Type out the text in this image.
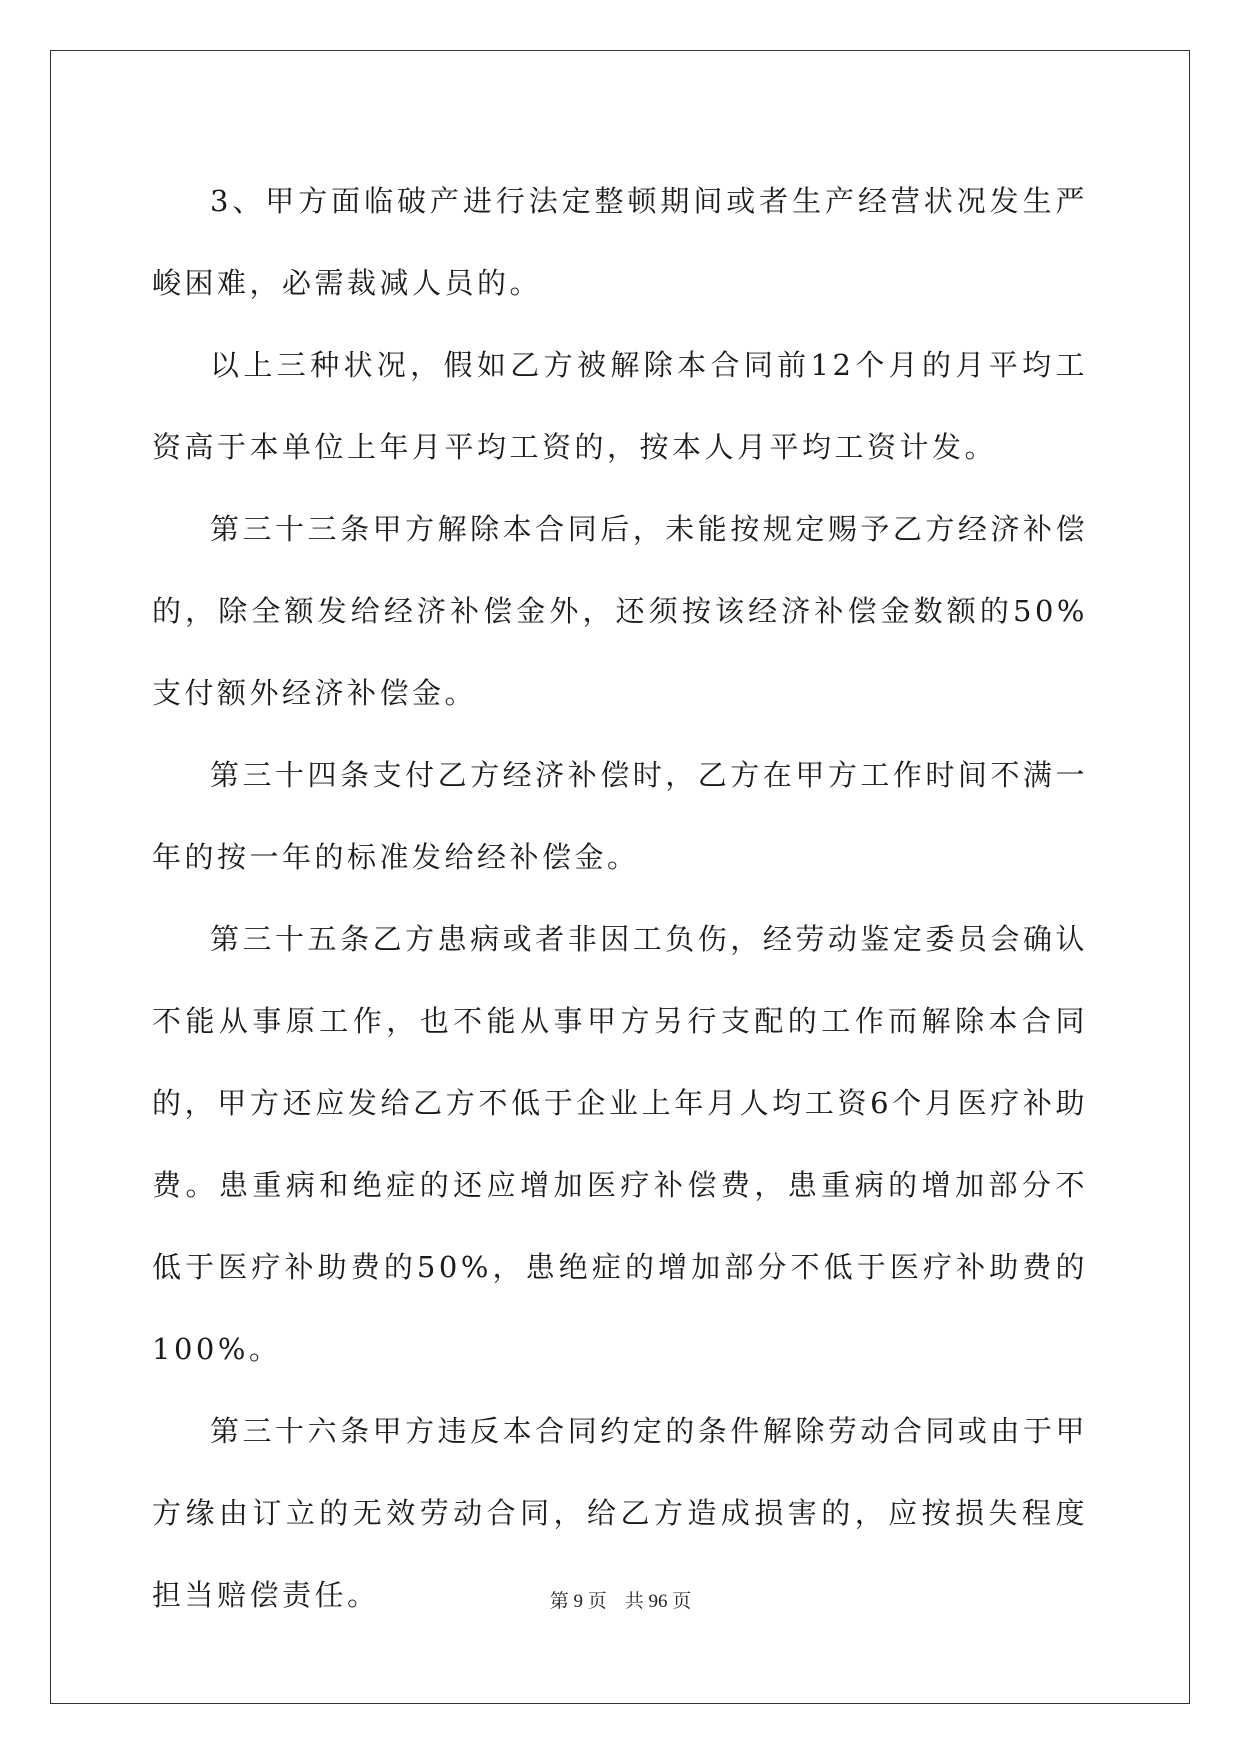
3、甲方面临破产进行法定整顿期间或者生产经营状况发生严峻困难，必需裁减人员的。

以上三种状况，假如乙方被解除本合同前12个月的月平均工资高于本单位上年月平均工资的，按本人月平均工资计发。

第三十三条甲方解除本合同后，未能按规定赐予乙方经济补偿的，除全额发给经济补偿金外，还须按该经济补偿金数额的50%支付额外经济补偿金。

第三十四条支付乙方经济补偿时，乙方在甲方工作时间不满一年的按一年的标准发给经补偿金。

第三十五条乙方患病或者非因工负伤，经劳动鉴定委员会确认不能从事原工作，也不能从事甲方另行支配的工作而解除本合同的，甲方还应发给乙方不低于企业上年月人均工资6个月医疗补助费。患重病和绝症的还应增加医疗补偿费，患重病的增加部分不低于医疗补助费的50%，患绝症的增加部分不低于医疗补助费的100%。

第三十六条甲方违反本合同约定的条件解除劳动合同或由于甲方缘由订立的无效劳动合同，给乙方造成损害的，应按损失程度担当赔偿责任。	第 9 页 共 96 页
